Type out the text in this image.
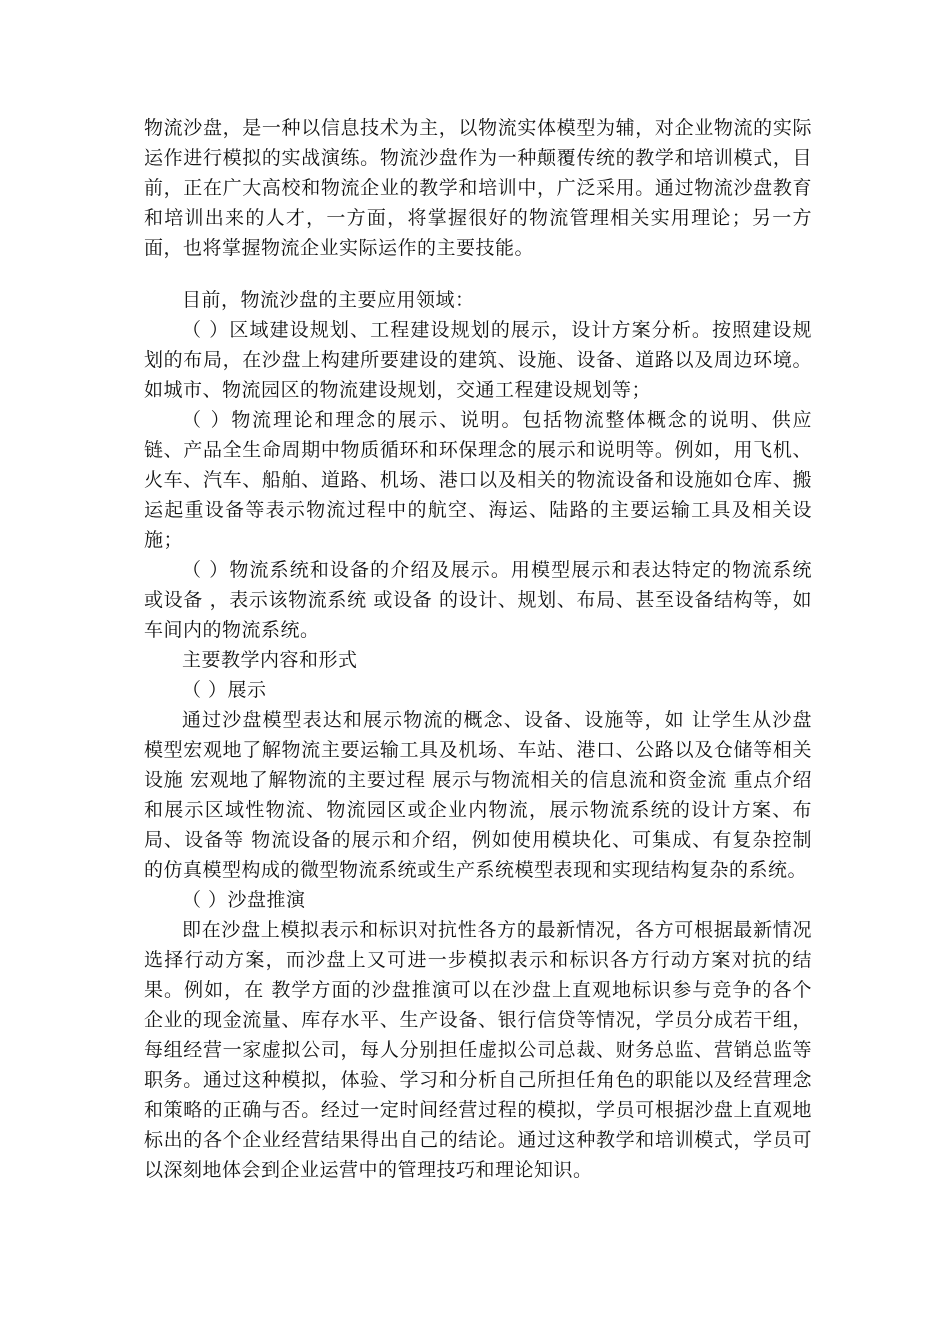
物流沙盘，是一种以信息技术为主，以物流实体模型为辅，对企业物流的实际运作进行模拟的实战演练。物流沙盘作为一种颠覆传统的教学和培训模式，目前，正在广大高校和物流企业的教学和培训中，广泛采用。通过物流沙盘教育和培训出来的人才，一方面，将掌握很好的物流管理相关实用理论；另一方面，也将掌握物流企业实际运作的主要技能。

目前，物流沙盘的主要应用领域：

（ ）区域建设规划、工程建设规划的展示，设计方案分析。按照建设规划的布局，在沙盘上构建所要建设的建筑、设施、设备、道路以及周边环境。如城市、物流园区的物流建设规划，交通工程建设规划等；

（ ）物流理论和理念的展示、说明。包括物流整体概念的说明、供应链、产品全生命周期中物质循环和环保理念的展示和说明等。例如，用飞机、火车、汽车、船舶、道路、机场、港口以及相关的物流设备和设施如仓库、搬运起重设备等表示物流过程中的航空、海运、陆路的主要运输工具及相关设施；

（ ）物流系统和设备的介绍及展示。用模型展示和表达特定的物流系统 或设备 ，表示该物流系统 或设备 的设计、规划、布局、甚至设备结构等，如车间内的物流系统。

主要教学内容和形式

（ ）展示

通过沙盘模型表达和展示物流的概念、设备、设施等，如 让学生从沙盘模型宏观地了解物流主要运输工具及机场、车站、港口、公路以及仓储等相关设施 宏观地了解物流的主要过程 展示与物流相关的信息流和资金流 重点介绍和展示区域性物流、物流园区或企业内物流，展示物流系统的设计方案、布局、设备等 物流设备的展示和介绍，例如使用模块化、可集成、有复杂控制的仿真模型构成的微型物流系统或生产系统模型表现和实现结构复杂的系统。

（ ）沙盘推演

即在沙盘上模拟表示和标识对抗性各方的最新情况，各方可根据最新情况选择行动方案，而沙盘上又可进一步模拟表示和标识各方行动方案对抗的结果。例如，在 教学方面的沙盘推演可以在沙盘上直观地标识参与竞争的各个企业的现金流量、库存水平、生产设备、银行信贷等情况，学员分成若干组，每组经营一家虚拟公司，每人分别担任虚拟公司总裁、财务总监、营销总监等职务。通过这种模拟，体验、学习和分析自己所担任角色的职能以及经营理念和策略的正确与否。经过一定时间经营过程的模拟，学员可根据沙盘上直观地标出的各个企业经营结果得出自己的结论。通过这种教学和培训模式，学员可以深刻地体会到企业运营中的管理技巧和理论知识。
